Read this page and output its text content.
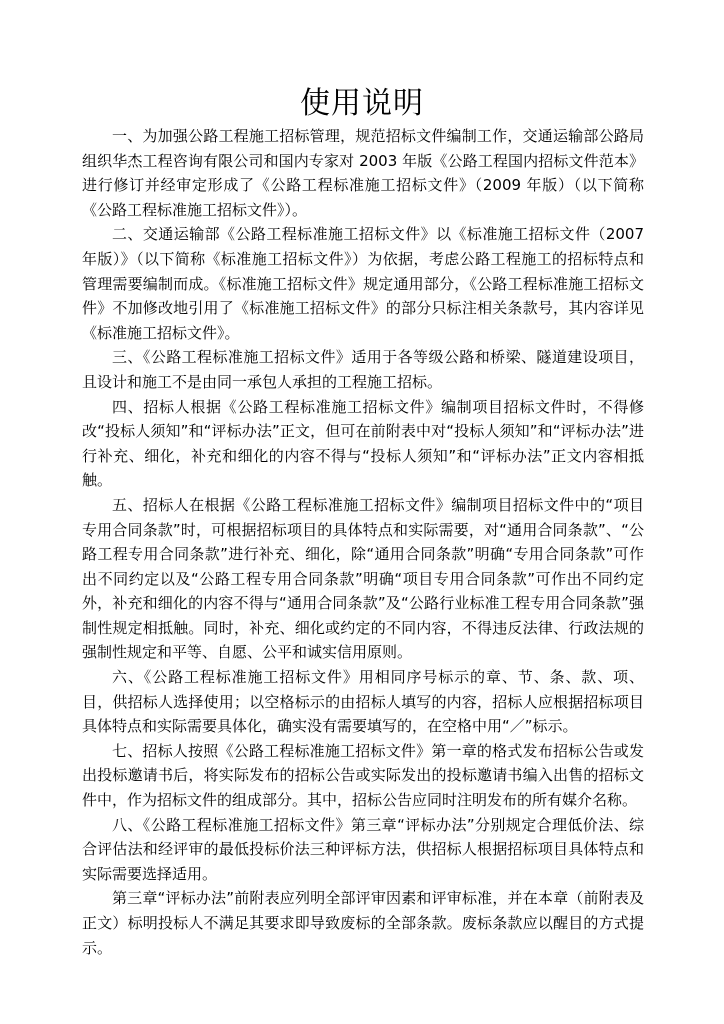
使用说明

一、为加强公路工程施工招标管理，规范招标文件编制工作，交通运输部公路局组织华杰工程咨询有限公司和国内专家对 2003 年版《公路工程国内招标文件范本》进行修订并经审定形成了《公路工程标准施工招标文件》（2009 年版）（以下简称《公路工程标准施工招标文件》）。

二、交通运输部《公路工程标准施工招标文件》以《标准施工招标文件（2007 年版）》（以下简称《标准施工招标文件》）为依据，考虑公路工程施工的招标特点和管理需要编制而成。《标准施工招标文件》规定通用部分，《公路工程标准施工招标文件》不加修改地引用了《标准施工招标文件》的部分只标注相关条款号，其内容详见《标准施工招标文件》。

三、《公路工程标准施工招标文件》适用于各等级公路和桥梁、隧道建设项目，且设计和施工不是由同一承包人承担的工程施工招标。

四、招标人根据《公路工程标准施工招标文件》编制项目招标文件时，不得修改“投标人须知”和“评标办法”正文，但可在前附表中对“投标人须知”和“评标办法”进行补充、细化，补充和细化的内容不得与“投标人须知”和“评标办法”正文内容相抵触。

五、招标人在根据《公路工程标准施工招标文件》编制项目招标文件中的“项目专用合同条款”时，可根据招标项目的具体特点和实际需要，对“通用合同条款”、“公路工程专用合同条款”进行补充、细化，除“通用合同条款”明确“专用合同条款”可作出不同约定以及“公路工程专用合同条款”明确“项目专用合同条款”可作出不同约定外，补充和细化的内容不得与“通用合同条款”及“公路行业标准工程专用合同条款”强制性规定相抵触。同时，补充、细化或约定的不同内容，不得违反法律、行政法规的强制性规定和平等、自愿、公平和诚实信用原则。

六、《公路工程标准施工招标文件》用相同序号标示的章、节、条、款、项、目，供招标人选择使用；以空格标示的由招标人填写的内容，招标人应根据招标项目具体特点和实际需要具体化，确实没有需要填写的，在空格中用“／”标示。

七、招标人按照《公路工程标准施工招标文件》第一章的格式发布招标公告或发出投标邀请书后，将实际发布的招标公告或实际发出的投标邀请书编入出售的招标文件中，作为招标文件的组成部分。其中，招标公告应同时注明发布的所有媒介名称。

八、《公路工程标准施工招标文件》第三章“评标办法”分别规定合理低价法、综合评估法和经评审的最低投标价法三种评标方法，供招标人根据招标项目具体特点和实际需要选择适用。

第三章“评标办法”前附表应列明全部评审因素和评审标准，并在本章（前附表及正文）标明投标人不满足其要求即导致废标的全部条款。废标条款应以醒目的方式提示。
